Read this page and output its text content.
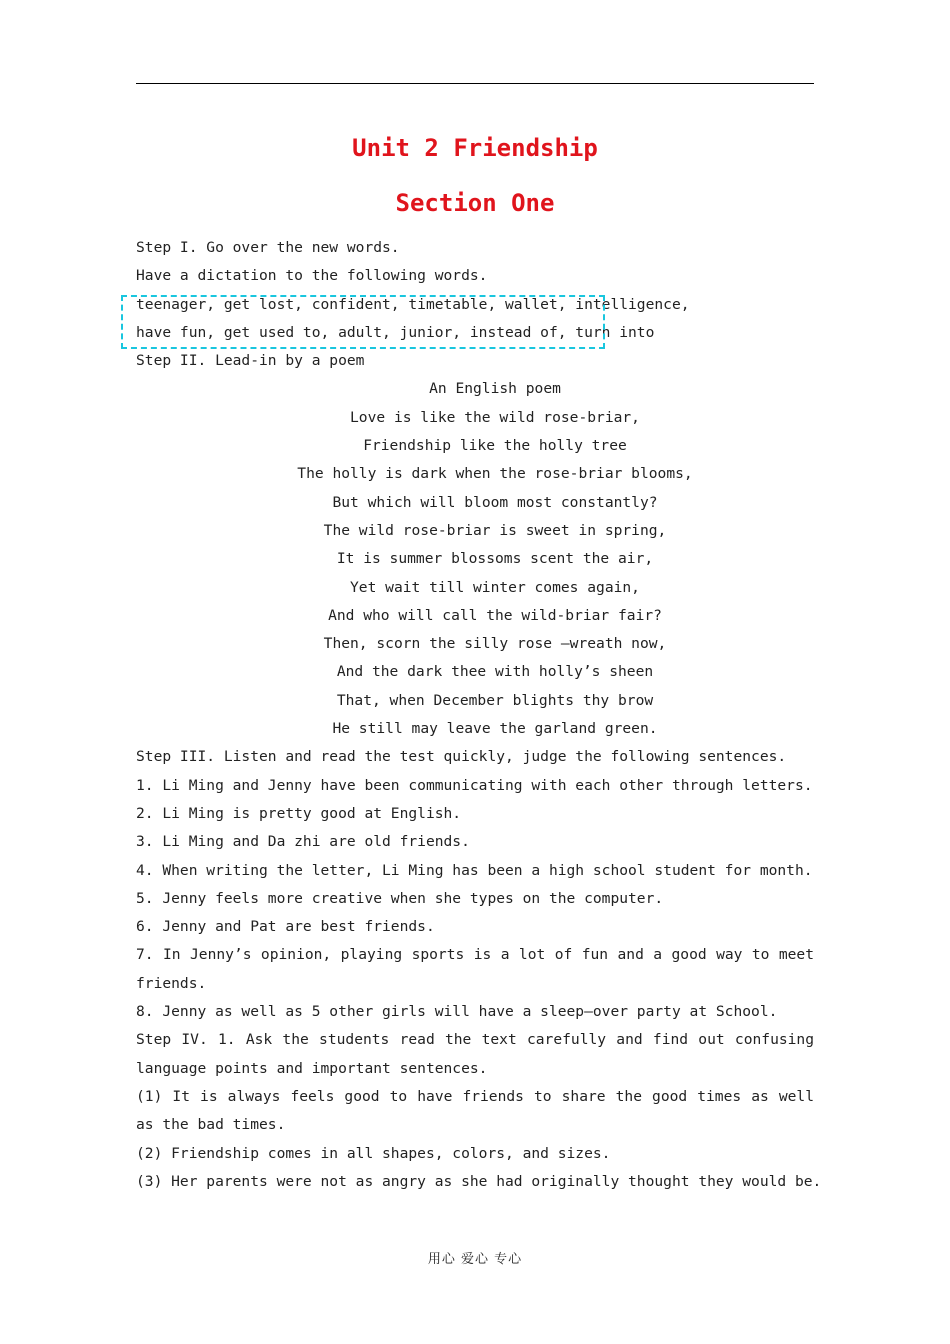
Unit 2 Friendship
Section One
Step I. Go over the new words.
Have a dictation to the following words.
teenager, get lost, confident, timetable, wallet, intelligence,
have fun, get used to, adult, junior, instead of, turn into
Step II. Lead-in by a poem
An English poem
Love is like the wild rose-briar,
Friendship like the holly tree
The holly is dark when the rose-briar blooms,
But which will bloom most constantly?
The wild rose-briar is sweet in spring,
It is summer blossoms scent the air,
Yet wait till winter comes again,
And who will call the wild-briar fair?
Then, scorn the silly rose –wreath now,
And the dark thee with holly’s sheen
That, when December blights thy brow
He still may leave the garland green.
Step III. Listen and read the test quickly, judge the following sentences.
1. Li Ming and Jenny have been communicating with each other through letters.
2. Li Ming is pretty good at English.
3. Li Ming and Da zhi are old friends.
4. When writing the letter, Li Ming has been a high school student for month.
5. Jenny feels more creative when she types on the computer.
6. Jenny and Pat are best friends.
7. In Jenny’s opinion, playing sports is a lot of fun and a good way to meet friends.
8. Jenny as well as 5 other girls will have a sleep—over party at School.
Step IV. 1. Ask the students read the text carefully and find out confusing language points and important sentences.
(1) It is always feels good to have friends to share the good times as well as the bad times.
(2) Friendship comes in all shapes, colors, and sizes.
(3) Her parents were not as angry as she had originally thought they would be.
用心 爱心 专心
